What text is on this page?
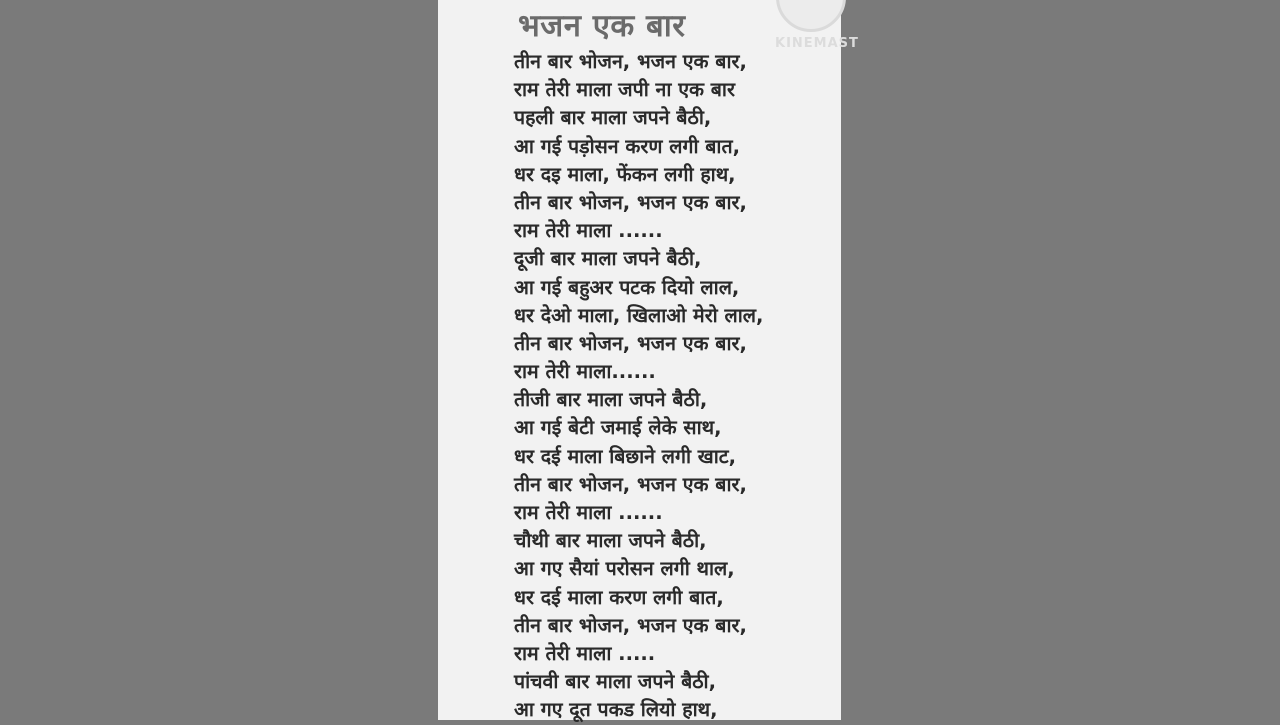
KINEMAST
भजन एक बार
तीन बार भोजन, भजन एक बार,
राम तेरी माला जपी ना एक बार
पहली बार माला जपने बैठी,
आ गई पड़ोसन करण लगी बात,
धर दइ माला, फेंकन लगी हाथ,
तीन बार भोजन, भजन एक बार,
राम तेरी माला ......
दूजी बार माला जपने बैठी,
आ गई बहुअर पटक दियो लाल,
धर देओ माला, खिलाओ मेरो लाल,
तीन बार भोजन, भजन एक बार,
राम तेरी माला......
तीजी बार माला जपने बैठी,
आ गई बेटी जमाई लेके साथ,
धर दई माला बिछाने लगी खाट,
तीन बार भोजन, भजन एक बार,
राम तेरी माला ......
चौथी बार माला जपने बैठी,
आ गए सैयां परोसन लगी थाल,
धर दई माला करण लगी बात,
तीन बार भोजन, भजन एक बार,
राम तेरी माला .....
पांचवी बार माला जपने बैठी,
आ गए दूत पकड लियो हाथ,
